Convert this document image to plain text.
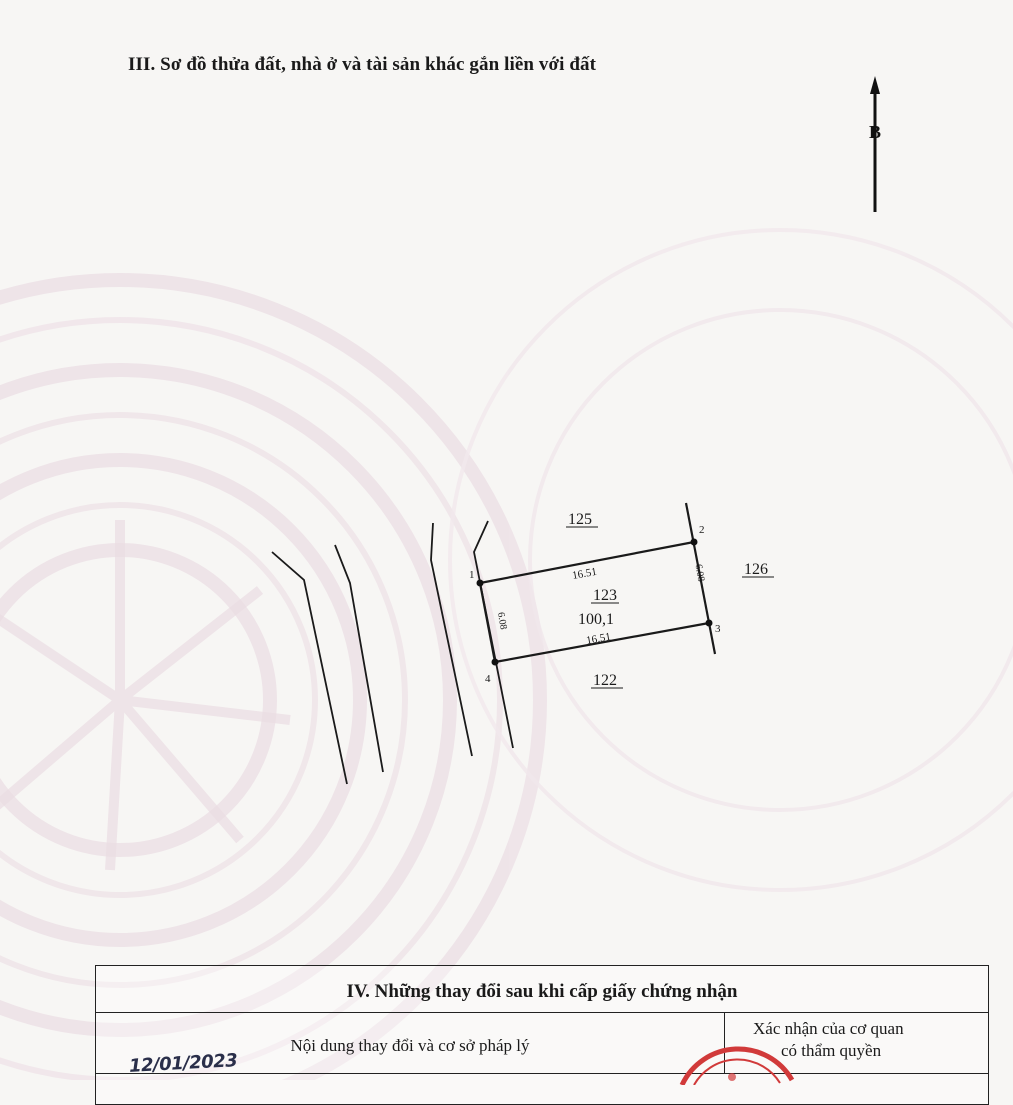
III. Sơ đồ thửa đất, nhà ở và tài sản khác gắn liền với đất
B
1
2
3
4
16.51
16.51
6.08
6.08
123
100,1
125
126
122
IV. Những thay đổi sau khi cấp giấy chứng nhận
Nội dung thay đổi và cơ sở pháp lý
12/01/2023
Xác nhận của cơ quan
có thẩm quyền
